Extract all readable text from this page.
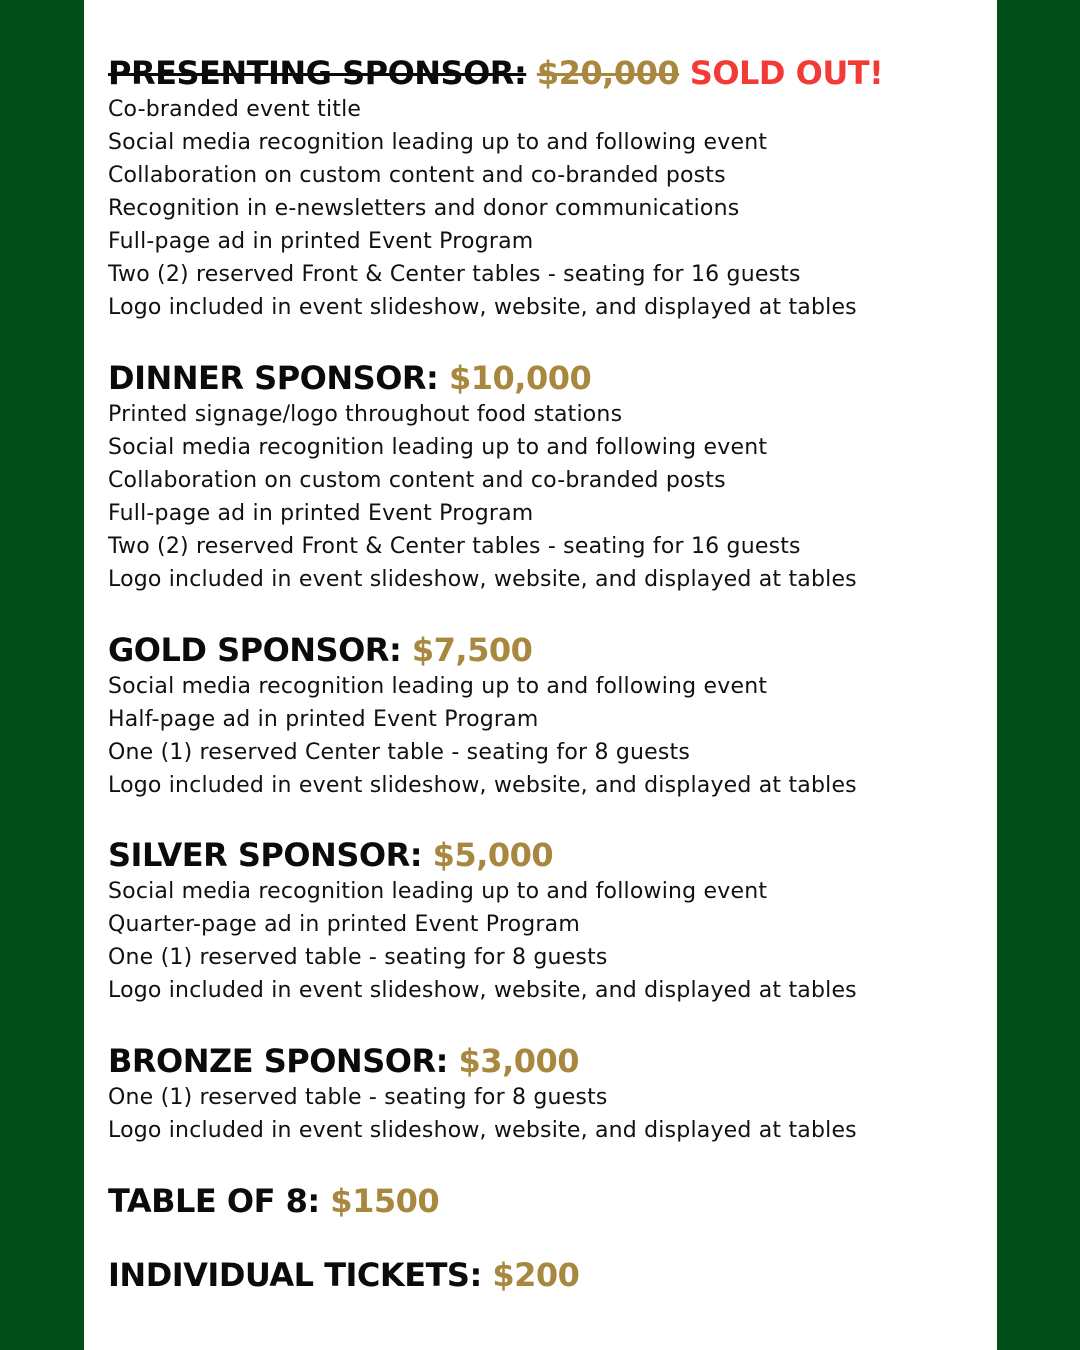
PRESENTING SPONSOR: $20,000 SOLD OUT!
Co-branded event title
Social media recognition leading up to and following event
Collaboration on custom content and co-branded posts
Recognition in e-newsletters and donor communications
Full-page ad in printed Event Program
Two (2) reserved Front & Center tables - seating for 16 guests
Logo included in event slideshow, website, and displayed at tables
DINNER SPONSOR: $10,000
Printed signage/logo throughout food stations
Social media recognition leading up to and following event
Collaboration on custom content and co-branded posts
Full-page ad in printed Event Program
Two (2) reserved Front & Center tables - seating for 16 guests
Logo included in event slideshow, website, and displayed at tables
GOLD SPONSOR: $7,500
Social media recognition leading up to and following event
Half-page ad in printed Event Program
One (1) reserved Center table - seating for 8 guests
Logo included in event slideshow, website, and displayed at tables
SILVER SPONSOR: $5,000
Social media recognition leading up to and following event
Quarter-page ad in printed Event Program
One (1) reserved table - seating for 8 guests
Logo included in event slideshow, website, and displayed at tables
BRONZE SPONSOR: $3,000
One (1) reserved table - seating for 8 guests
Logo included in event slideshow, website, and displayed at tables
TABLE OF 8: $1500
INDIVIDUAL TICKETS: $200
